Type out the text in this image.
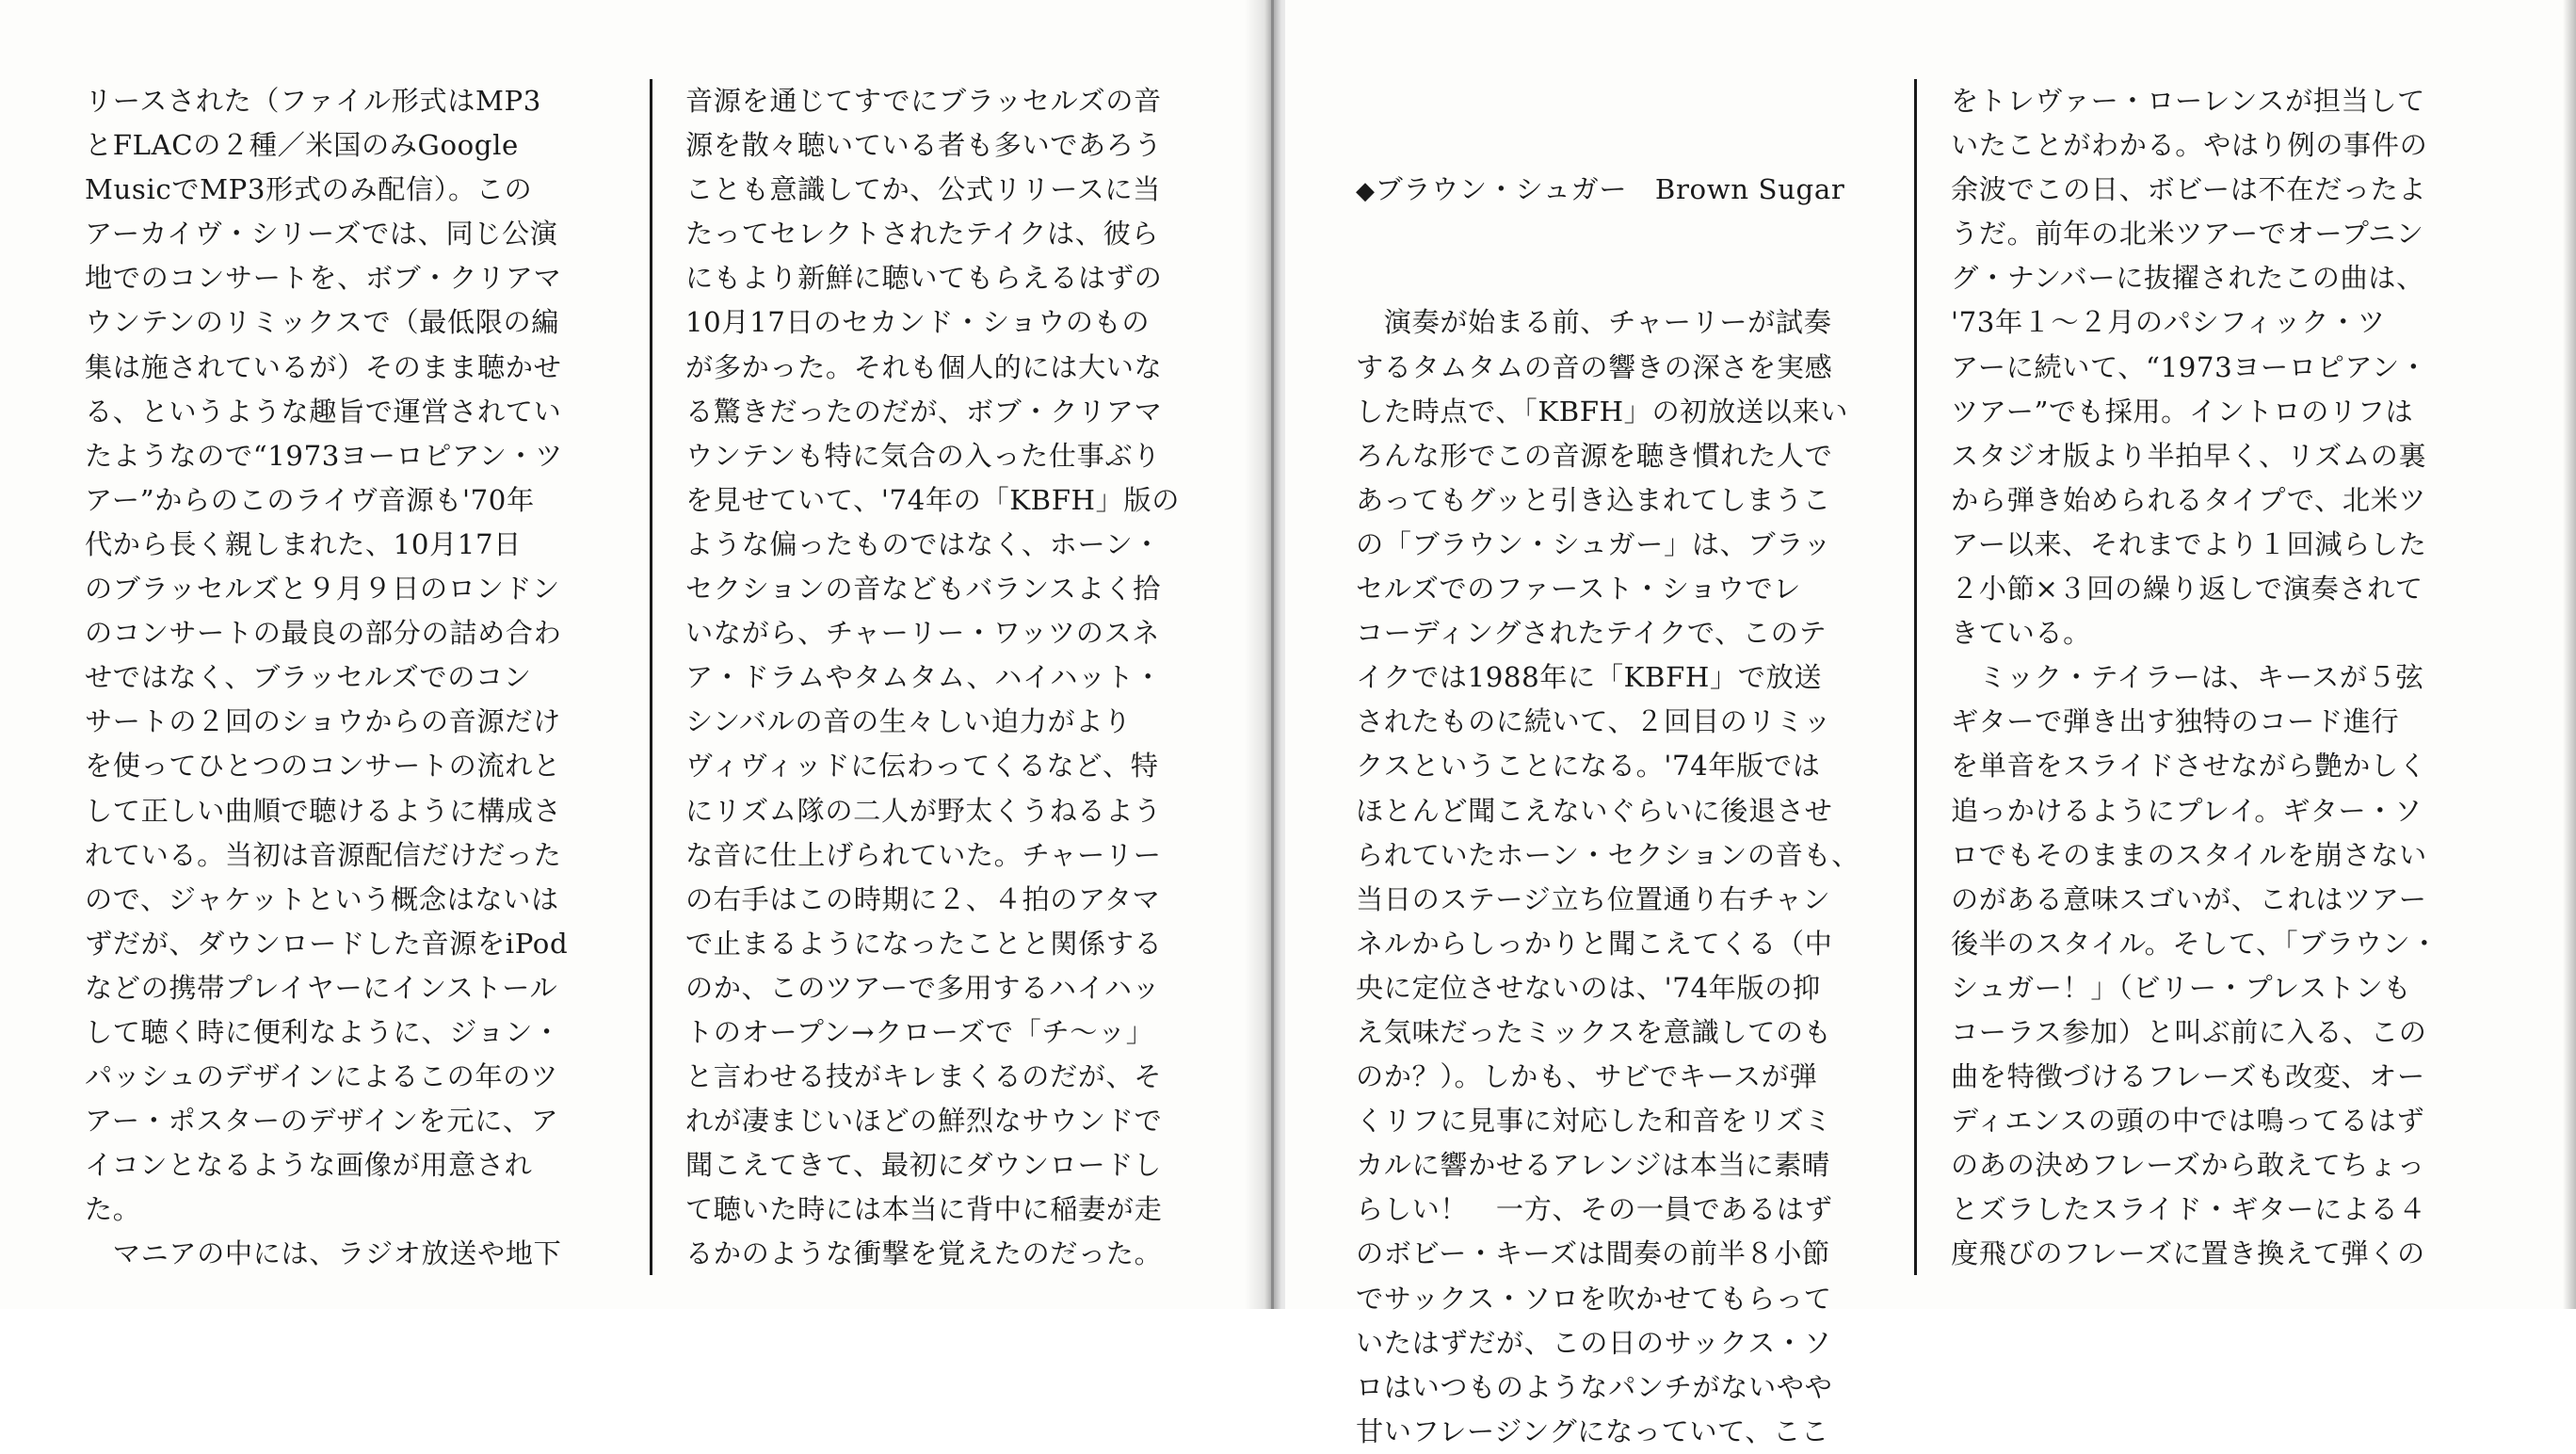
リースされた（ファイル形式はMP3
とFLACの２種／米国のみGoogle
MusicでMP3形式のみ配信）。この
アーカイヴ・シリーズでは、同じ公演
地でのコンサートを、ボブ・クリアマ
ウンテンのリミックスで（最低限の編
集は施されているが）そのまま聴かせ
る、というような趣旨で運営されてい
たようなので“1973ヨーロピアン・ツ
アー”からのこのライヴ音源も'70年
代から長く親しまれた、10月17日
のブラッセルズと９月９日のロンドン
のコンサートの最良の部分の詰め合わ
せではなく、ブラッセルズでのコン
サートの２回のショウからの音源だけ
を使ってひとつのコンサートの流れと
して正しい曲順で聴けるように構成さ
れている。当初は音源配信だけだった
ので、ジャケットという概念はないは
ずだが、ダウンロードした音源をiPod
などの携帯プレイヤーにインストール
して聴く時に便利なように、ジョン・
パッシュのデザインによるこの年のツ
アー・ポスターのデザインを元に、ア
イコンとなるような画像が用意され
た。
　マニアの中には、ラジオ放送や地下
音源を通じてすでにブラッセルズの音
源を散々聴いている者も多いであろう
ことも意識してか、公式リリースに当
たってセレクトされたテイクは、彼ら
にもより新鮮に聴いてもらえるはずの
10月17日のセカンド・ショウのもの
が多かった。それも個人的には大いな
る驚きだったのだが、ボブ・クリアマ
ウンテンも特に気合の入った仕事ぶり
を見せていて、'74年の「KBFH」版の
ような偏ったものではなく、ホーン・
セクションの音などもバランスよく拾
いながら、チャーリー・ワッツのスネ
ア・ドラムやタムタム、ハイハット・
シンバルの音の生々しい迫力がより
ヴィヴィッドに伝わってくるなど、特
にリズム隊の二人が野太くうねるよう
な音に仕上げられていた。チャーリー
の右手はこの時期に２、４拍のアタマ
で止まるようになったことと関係する
のか、このツアーで多用するハイハッ
トのオープン→クローズで「チ〜ッ」
と言わせる技がキレまくるのだが、そ
れが凄まじいほどの鮮烈なサウンドで
聞こえてきて、最初にダウンロードし
て聴いた時には本当に背中に稲妻が走
るかのような衝撃を覚えたのだった。

◆ブラウン・シュガー　 Brown Sugar

　演奏が始まる前、チャーリーが試奏
するタムタムの音の響きの深さを実感
した時点で、「KBFH」の初放送以来い
ろんな形でこの音源を聴き慣れた人で
あってもグッと引き込まれてしまうこ
の「ブラウン・シュガー」は、ブラッ
セルズでのファースト・ショウでレ
コーディングされたテイクで、このテ
イクでは1988年に「KBFH」で放送
されたものに続いて、２回目のリミッ
クスということになる。'74年版では
ほとんど聞こえないぐらいに後退させ
られていたホーン・セクションの音も、
当日のステージ立ち位置通り右チャン
ネルからしっかりと聞こえてくる（中
央に定位させないのは、'74年版の抑
え気味だったミックスを意識してのも
のか？）。しかも、サビでキースが弾
くリフに見事に対応した和音をリズミ
カルに響かせるアレンジは本当に素晴
らしい！　一方、その一員であるはず
のボビー・キーズは間奏の前半８小節
でサックス・ソロを吹かせてもらって
いたはずだが、この日のサックス・ソ
ロはいつものようなパンチがないやや
甘いフレージングになっていて、ここ
をトレヴァー・ローレンスが担当して
いたことがわかる。やはり例の事件の
余波でこの日、ボビーは不在だったよ
うだ。前年の北米ツアーでオープニン
グ・ナンバーに抜擢されたこの曲は、
'73年１〜２月のパシフィック・ツ
アーに続いて、“1973ヨーロピアン・
ツアー”でも採用。イントロのリフは
スタジオ版より半拍早く、リズムの裏
から弾き始められるタイプで、北米ツ
アー以来、それまでより１回減らした
２小節×３回の繰り返しで演奏されて
きている。
　ミック・テイラーは、キースが５弦
ギターで弾き出す独特のコード進行
を単音をスライドさせながら艶かしく
追っかけるようにプレイ。ギター・ソ
ロでもそのままのスタイルを崩さない
のがある意味スゴいが、これはツアー
後半のスタイル。そして、「ブラウン・
シュガー！」（ビリー・プレストンも
コーラス参加）と叫ぶ前に入る、この
曲を特徴づけるフレーズも改変、オー
ディエンスの頭の中では鳴ってるはず
のあの決めフレーズから敢えてちょっ
とズラしたスライド・ギターによる４
度飛びのフレーズに置き換えて弾くの
